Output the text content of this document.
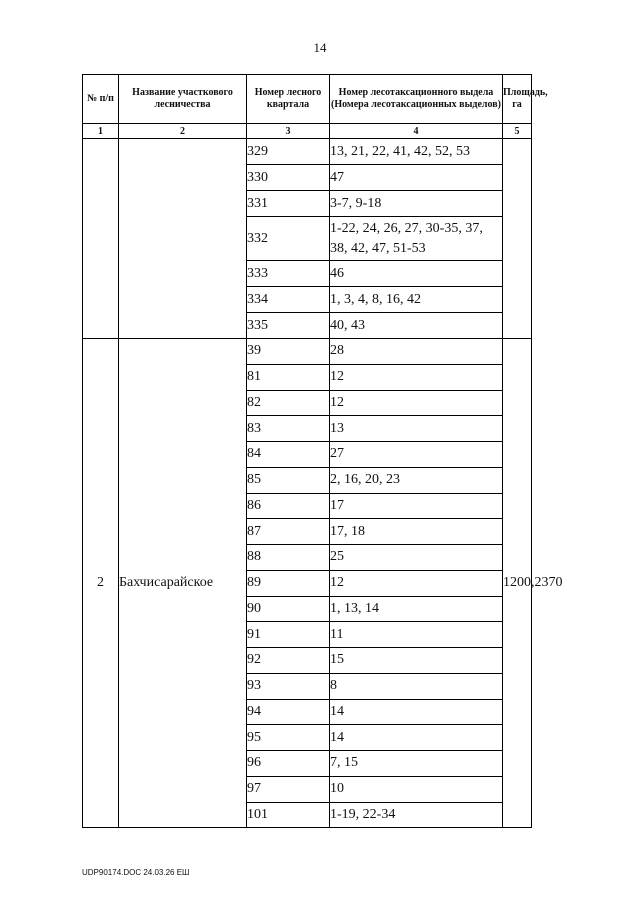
14
№ п/п	Название участкового лесничества	Номер лесного квартала	Номер лесотаксационного выдела (Номера лесотаксационных выделов)	Площадь, га
1	2	3	4	5
		329	13, 21, 22, 41, 42, 52, 53	
		330	47	
		331	3-7, 9-18	
		332	1-22, 24, 26, 27, 30-35, 37, 38, 42, 47, 51-53	
		333	46	
		334	1, 3, 4, 8, 16, 42	
		335	40, 43	
2	Бахчисарайское	39	28	1200,2370
		81	12	
		82	12	
		83	13	
		84	27	
		85	2, 16, 20, 23	
		86	17	
		87	17, 18	
		88	25	
		89	12	
		90	1, 13, 14	
		91	11	
		92	15	
		93	8	
		94	14	
		95	14	
		96	7, 15	
		97	10	
		101	1-19, 22-34	
UDP90174.DOC 24.03.26 ЕШ
